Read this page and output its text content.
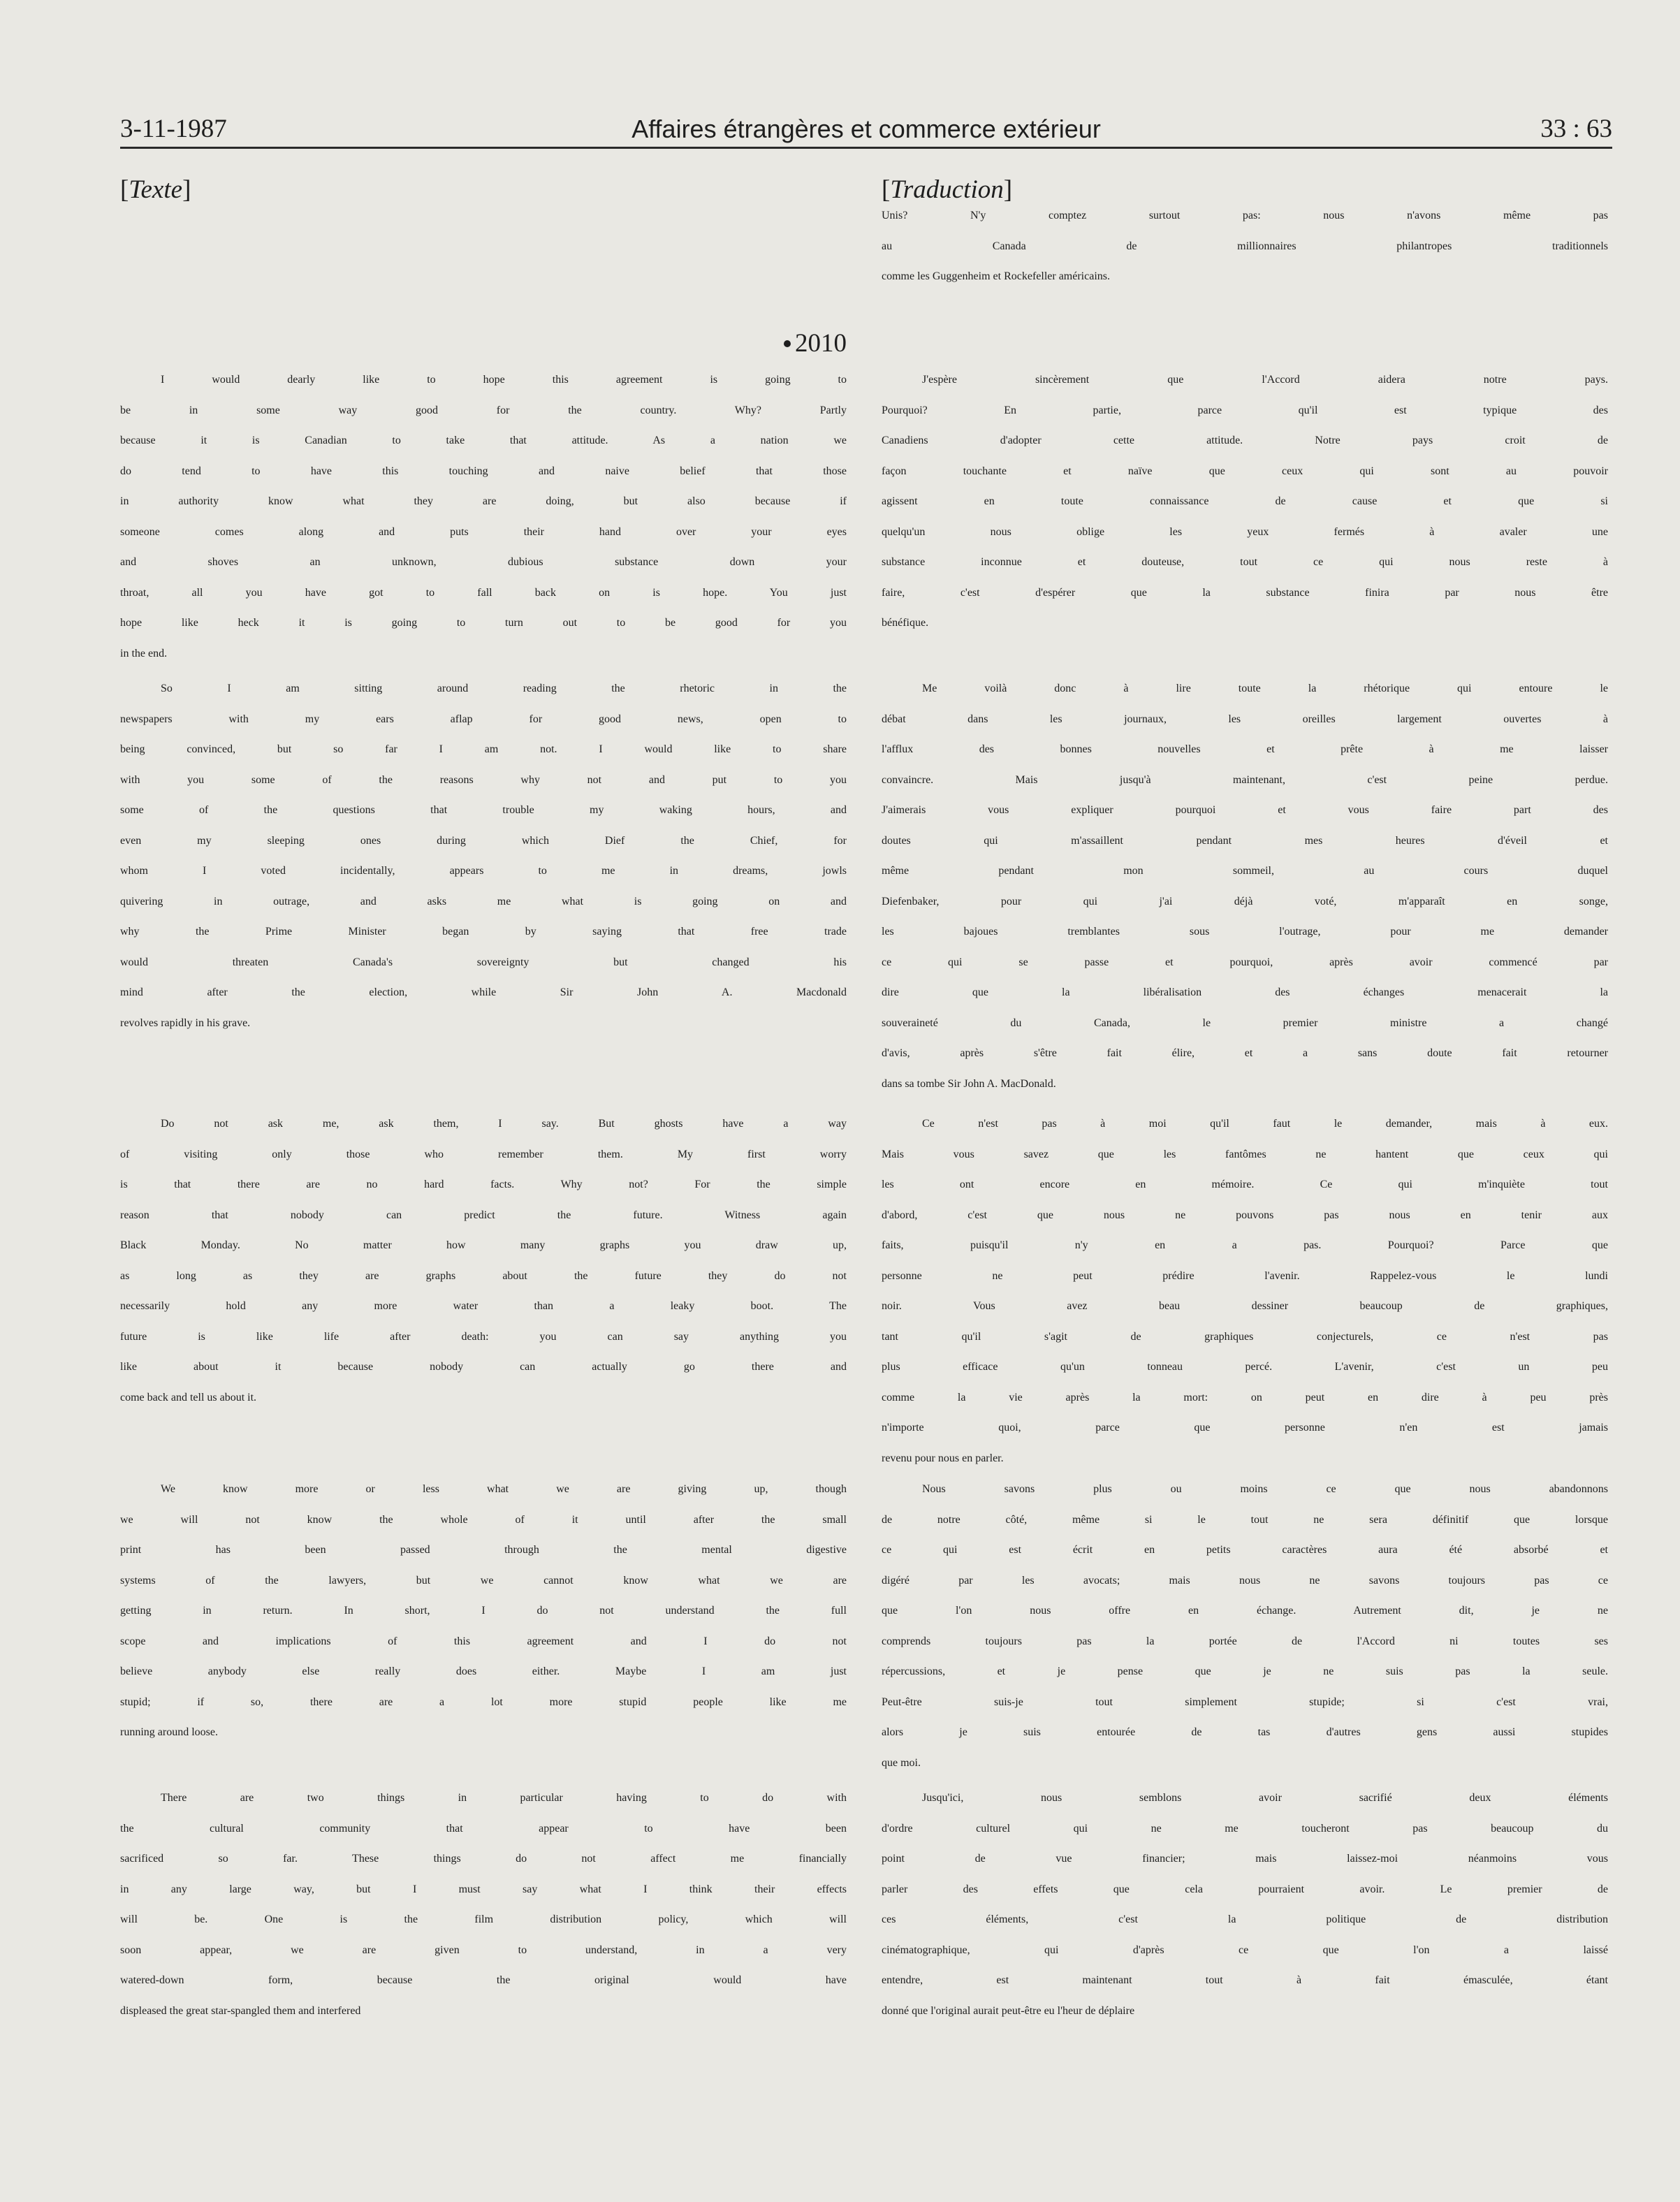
3-11-1987	Affaires étrangères et commerce extérieur	33 : 63
[Texte]	[Traduction]
2010
I would dearly like to hope this agreement is going to
be in some way good for the country. Why? Partly
because it is Canadian to take that attitude. As a nation we
do tend to have this touching and naive belief that those
in authority know what they are doing, but also because if
someone comes along and puts their hand over your eyes
and shoves an unknown, dubious substance down your
throat, all you have got to fall back on is hope. You just
hope like heck it is going to turn out to be good for you
in the end.
So I am sitting around reading the rhetoric in the
newspapers with my ears aflap for good news, open to
being convinced, but so far I am not. I would like to share
with you some of the reasons why not and put to you
some of the questions that trouble my waking hours, and
even my sleeping ones during which Dief the Chief, for
whom I voted incidentally, appears to me in dreams, jowls
quivering in outrage, and asks me what is going on and
why the Prime Minister began by saying that free trade
would threaten Canada's sovereignty but changed his
mind after the election, while Sir John A. Macdonald
revolves rapidly in his grave.
Do not ask me, ask them, I say. But ghosts have a way
of visiting only those who remember them. My first worry
is that there are no hard facts. Why not? For the simple
reason that nobody can predict the future. Witness again
Black Monday. No matter how many graphs you draw up,
as long as they are graphs about the future they do not
necessarily hold any more water than a leaky boot. The
future is like life after death: you can say anything you
like about it because nobody can actually go there and
come back and tell us about it.
We know more or less what we are giving up, though
we will not know the whole of it until after the small
print has been passed through the mental digestive
systems of the lawyers, but we cannot know what we are
getting in return. In short, I do not understand the full
scope and implications of this agreement and I do not
believe anybody else really does either. Maybe I am just
stupid; if so, there are a lot more stupid people like me
running around loose.
There are two things in particular having to do with
the cultural community that appear to have been
sacrificed so far. These things do not affect me financially
in any large way, but I must say what I think their effects
will be. One is the film distribution policy, which will
soon appear, we are given to understand, in a very
watered-down form, because the original would have
displeased the great star-spangled them and interfered
Unis? N'y comptez surtout pas: nous n'avons même pas
au Canada de millionnaires philantropes traditionnels
comme les Guggenheim et Rockefeller américains.
J'espère sincèrement que l'Accord aidera notre pays.
Pourquoi? En partie, parce qu'il est typique des
Canadiens d'adopter cette attitude. Notre pays croit de
façon touchante et naïve que ceux qui sont au pouvoir
agissent en toute connaissance de cause et que si
quelqu'un nous oblige les yeux fermés à avaler une
substance inconnue et douteuse, tout ce qui nous reste à
faire, c'est d'espérer que la substance finira par nous être
bénéfique.
Me voilà donc à lire toute la rhétorique qui entoure le
débat dans les journaux, les oreilles largement ouvertes à
l'afflux des bonnes nouvelles et prête à me laisser
convaincre. Mais jusqu'à maintenant, c'est peine perdue.
J'aimerais vous expliquer pourquoi et vous faire part des
doutes qui m'assaillent pendant mes heures d'éveil et
même pendant mon sommeil, au cours duquel
Diefenbaker, pour qui j'ai déjà voté, m'apparaît en songe,
les bajoues tremblantes sous l'outrage, pour me demander
ce qui se passe et pourquoi, après avoir commencé par
dire que la libéralisation des échanges menacerait la
souveraineté du Canada, le premier ministre a changé
d'avis, après s'être fait élire, et a sans doute fait retourner
dans sa tombe Sir John A. MacDonald.
Ce n'est pas à moi qu'il faut le demander, mais à eux.
Mais vous savez que les fantômes ne hantent que ceux qui
les ont encore en mémoire. Ce qui m'inquiète tout
d'abord, c'est que nous ne pouvons pas nous en tenir aux
faits, puisqu'il n'y en a pas. Pourquoi? Parce que
personne ne peut prédire l'avenir. Rappelez-vous le lundi
noir. Vous avez beau dessiner beaucoup de graphiques,
tant qu'il s'agit de graphiques conjecturels, ce n'est pas
plus efficace qu'un tonneau percé. L'avenir, c'est un peu
comme la vie après la mort: on peut en dire à peu près
n'importe quoi, parce que personne n'en est jamais
revenu pour nous en parler.
Nous savons plus ou moins ce que nous abandonnons
de notre côté, même si le tout ne sera définitif que lorsque
ce qui est écrit en petits caractères aura été absorbé et
digéré par les avocats; mais nous ne savons toujours pas ce
que l'on nous offre en échange. Autrement dit, je ne
comprends toujours pas la portée de l'Accord ni toutes ses
répercussions, et je pense que je ne suis pas la seule.
Peut-être suis-je tout simplement stupide; si c'est vrai,
alors je suis entourée de tas d'autres gens aussi stupides
que moi.
Jusqu'ici, nous semblons avoir sacrifié deux éléments
d'ordre culturel qui ne me toucheront pas beaucoup du
point de vue financier; mais laissez-moi néanmoins vous
parler des effets que cela pourraient avoir. Le premier de
ces éléments, c'est la politique de distribution
cinématographique, qui d'après ce que l'on a laissé
entendre, est maintenant tout à fait émasculée, étant
donné que l'original aurait peut-être eu l'heur de déplaire
